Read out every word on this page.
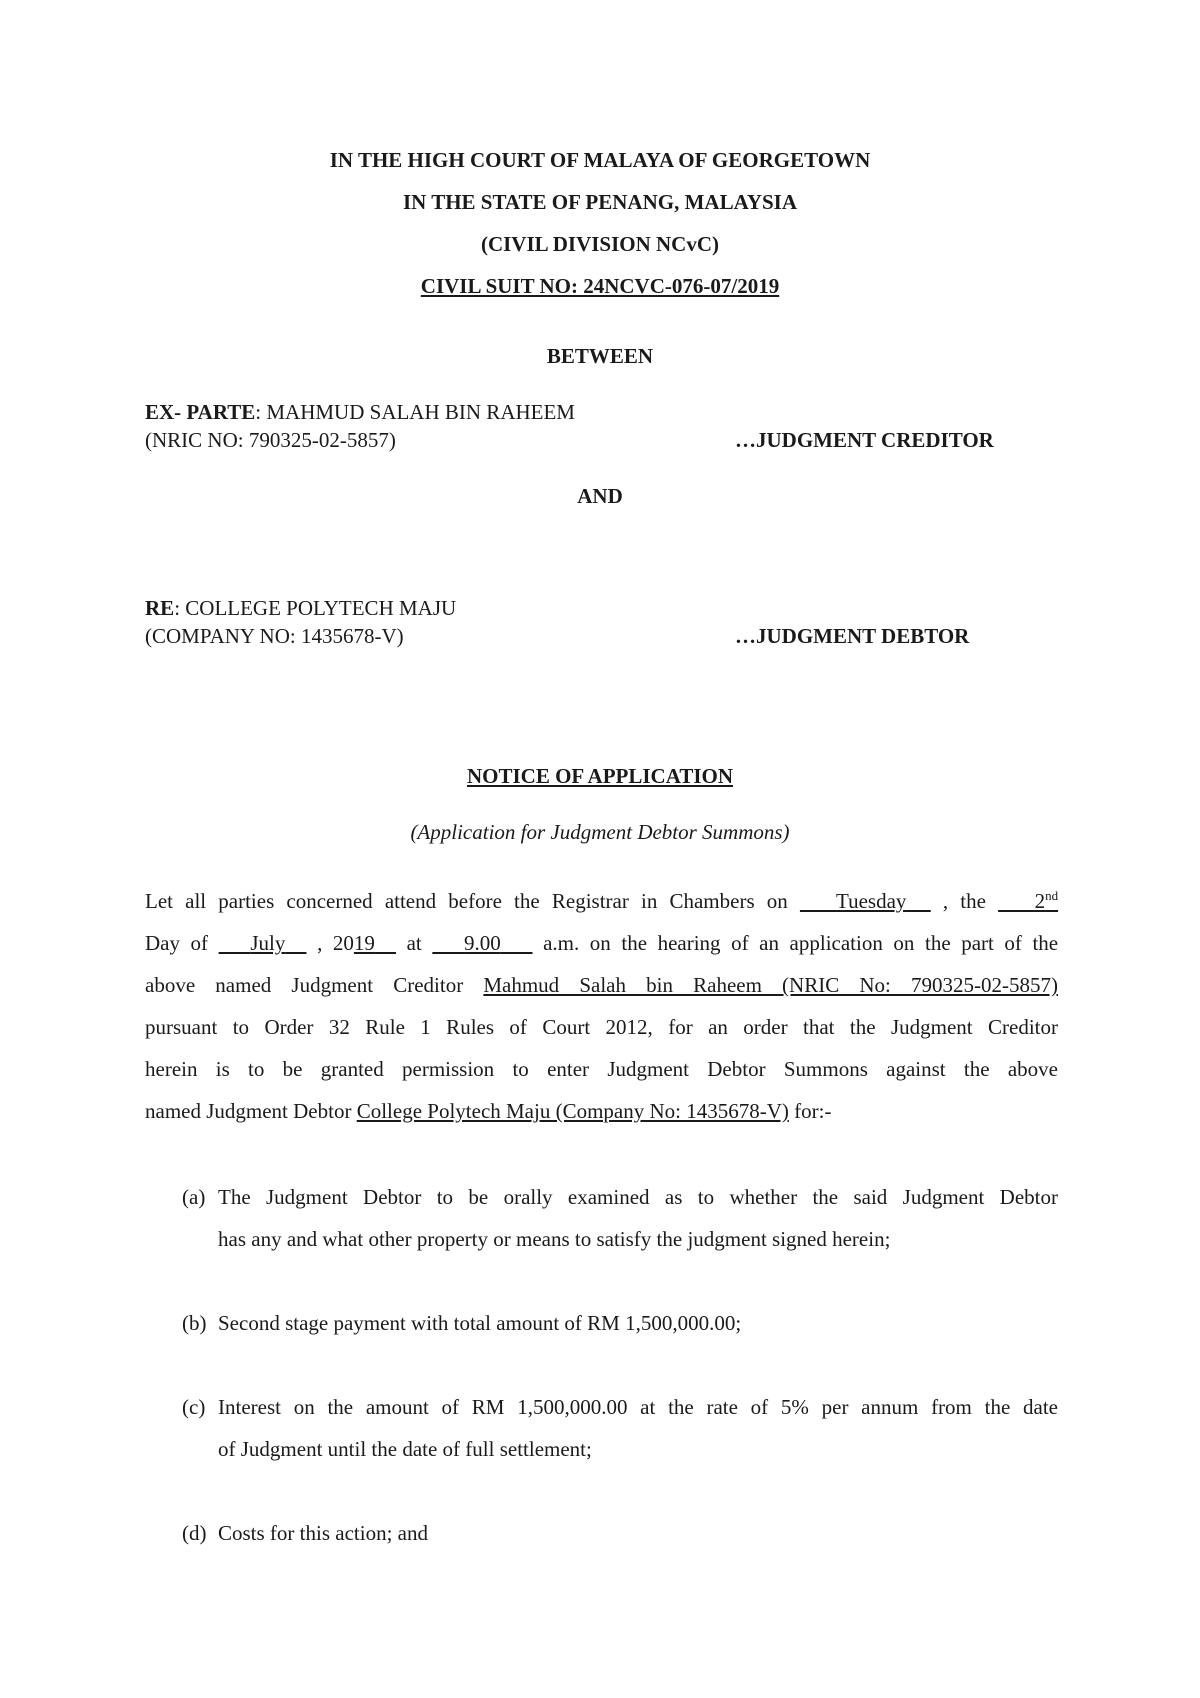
IN THE HIGH COURT OF MALAYA OF GEORGETOWN
IN THE STATE OF PENANG, MALAYSIA
(CIVIL DIVISION NCvC)
CIVIL SUIT NO: 24NCVC-076-07/2019
BETWEEN
EX- PARTE: MAHMUD SALAH BIN RAHEEM
(NRIC NO: 790325-02-5857)	…JUDGMENT CREDITOR
AND
RE: COLLEGE POLYTECH MAJU
(COMPANY NO: 1435678-V)	…JUDGMENT DEBTOR
NOTICE OF APPLICATION
(Application for Judgment Debtor Summons)
Let all parties concerned attend before the Registrar in Chambers on Tuesday , the 2nd
Day of July , 2019 at 9.00 a.m. on the hearing of an application on the part of the
above named Judgment Creditor Mahmud Salah bin Raheem (NRIC No: 790325-02-5857)
pursuant to Order 32 Rule 1 Rules of Court 2012, for an order that the Judgment Creditor
herein is to be granted permission to enter Judgment Debtor Summons against the above
named Judgment Debtor College Polytech Maju (Company No: 1435678-V) for:-
(a) The Judgment Debtor to be orally examined as to whether the said Judgment Debtor
has any and what other property or means to satisfy the judgment signed herein;
(b) Second stage payment with total amount of RM 1,500,000.00;
(c) Interest on the amount of RM 1,500,000.00 at the rate of 5% per annum from the date
of Judgment until the date of full settlement;
(d) Costs for this action; and
